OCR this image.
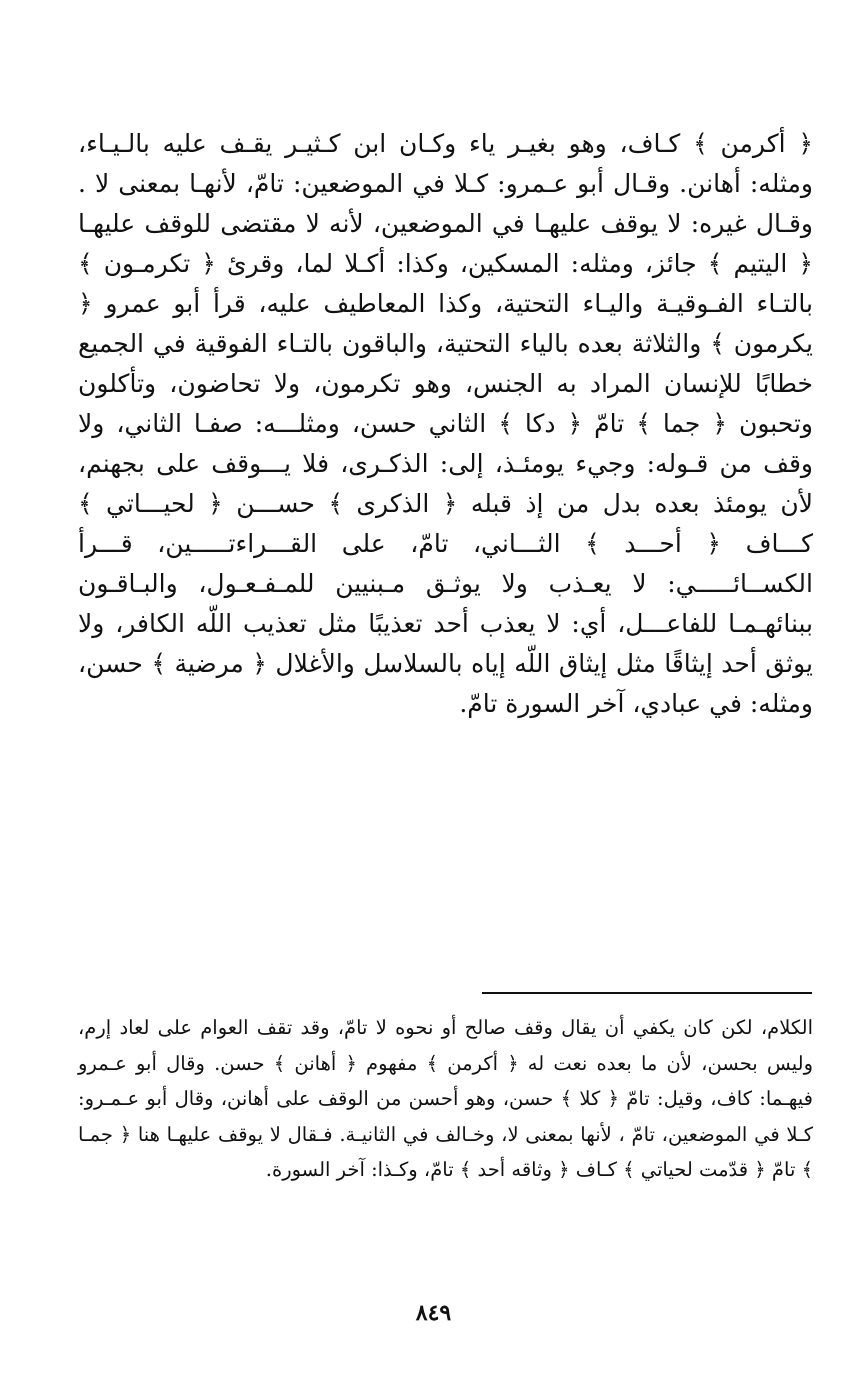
﴿ أكرمن ﴾ كـاف، وهو بغيـر ياء وكـان ابن كـثيـر يقـف عليه بالـيـاء، ومثله: أهانن. وقـال أبو عـمرو: كـلا في الموضعين: تامّ، لأنهـا بمعنى لا . وقـال غيره: لا يوقف عليهـا في الموضعين، لأنه لا مقتضى للوقف عليهـا ﴿ اليتيم ﴾ جائز، ومثله: المسكين، وكذا: أكـلا لما، وقرئ ﴿ تكرمـون ﴾ بالتـاء الفـوقيـة واليـاء التحتية، وكذا المعاطيف عليه، قرأ أبو عمرو ﴿ يكرمون ﴾ والثلاثة بعده بالياء التحتية، والباقون بالتـاء الفوقية في الجميع خطابًا للإنسان المراد به الجنس، وهو تكرمون، ولا تحاضون، وتأكلون وتحبون ﴿ جما ﴾ تامّ ﴿ دكا ﴾ الثاني حسن، ومثلـــه: صفـا الثاني، ولا وقف من قـوله: وجيء يومئـذ، إلى: الذكـرى، فلا يـــوقف على بجهنم، لأن يومئذ بعده بدل من إذ قبله ﴿ الذكرى ﴾ حســـن ﴿ لحيـــاتي ﴾ كـــاف ﴿ أحـــد ﴾ الثـــاني، تامّ، على القـــراءتـــــين، قـــرأ الكســائـــــي: لا يعـذب ولا يوثـق مـبنيين للمـفـعـول، والبـاقـون ببنائهـمـا للفاعـــل، أي: لا يعذب أحد تعذيبًا مثل تعذيب اللّه الكافر، ولا يوثق أحد إيثاقًا مثل إيثاق اللّه إياه بالسلاسل والأغلال ﴿ مرضية ﴾ حسن، ومثله: في عبادي، آخر السورة تامّ.

الكلام، لكن كان يكفي أن يقال وقف صالح أو نحوه لا تامّ، وقد تقف العوام على لعاد إرم، وليس بحسن، لأن ما بعده نعت له ﴿ أكرمن ﴾ مفهوم ﴿ أهانن ﴾ حسن. وقال أبو عـمرو فيهـما: كاف، وقيل: تامّ ﴿ كلا ﴾ حسن، وهو أحسن من الوقف على أهانن، وقال أبو عـمـرو: كـلا في الموضعين، تامّ ، لأنها بمعنى لا، وخـالف في الثانيـة. فـقال لا يوقف عليهـا هنا ﴿ جمـا ﴾ تامّ ﴿ قدّمت لحياتي ﴾ كـاف ﴿ وثاقه أحد ﴾ تامّ، وكـذا: آخر السورة.

٨٤٩
